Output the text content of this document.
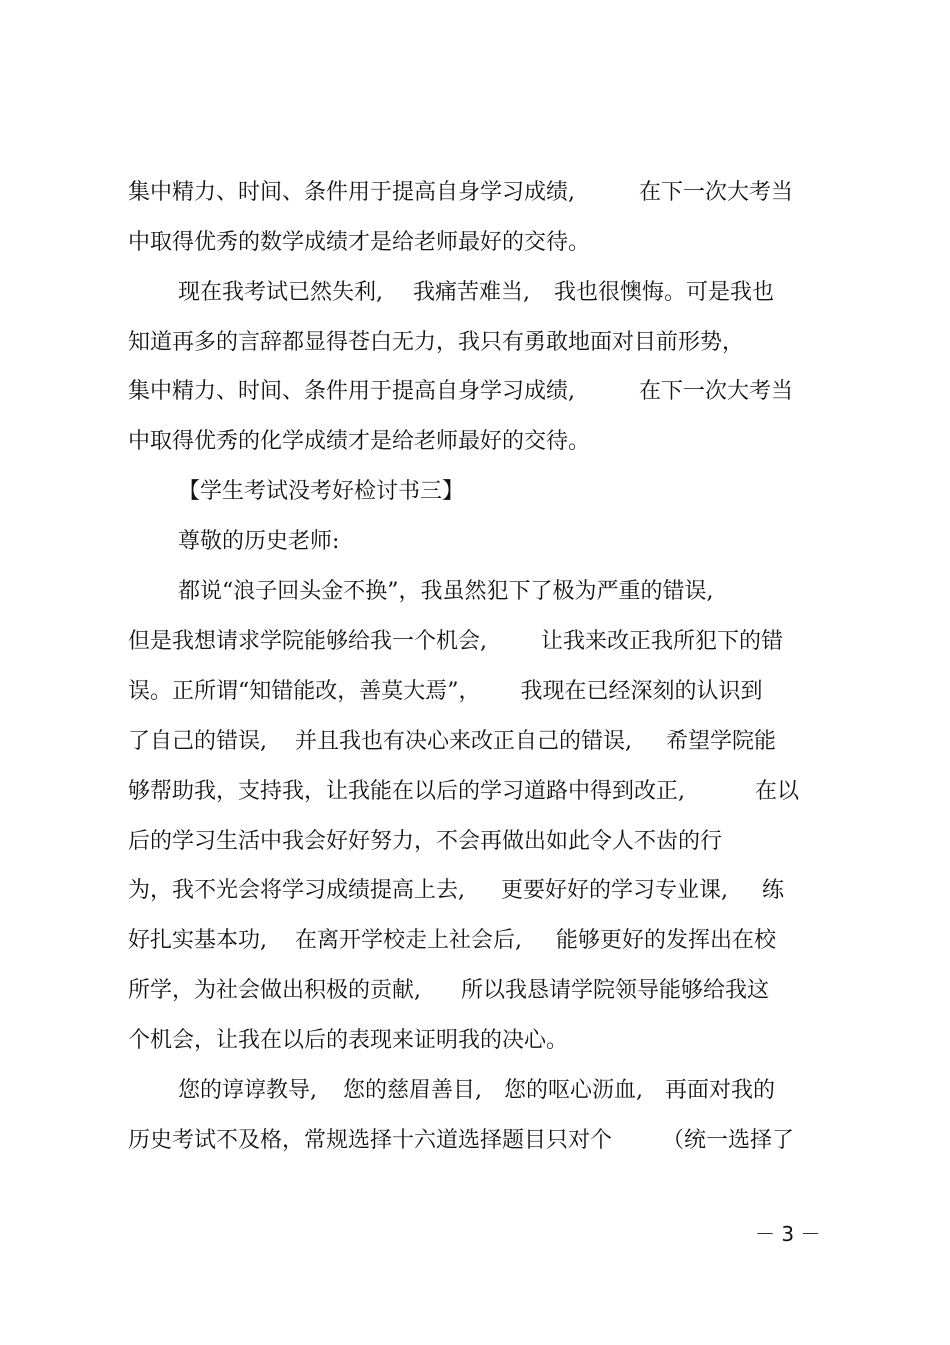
集中精力、时间、条件用于提高自身学习成绩,	在下一次大考当
中取得优秀的数学成绩才是给老师最好的交待。
现在我考试已然失利, 我痛苦难当, 我也很懊悔。可是我也
知道再多的言辞都显得苍白无力，我只有勇敢地面对目前形势，
集中精力、时间、条件用于提高自身学习成绩,	在下一次大考当
中取得优秀的化学成绩才是给老师最好的交待。
【学生考试没考好检讨书三】
尊敬的历史老师:
都说“浪子回头金不换”，我虽然犯下了极为严重的错误,
但是我想请求学院能够给我一个机会, 让我来改正我所犯下的错
误。正所谓“知错能改，善莫大焉”， 我现在已经深刻的认识到
了自己的错误, 并且我也有决心来改正自己的错误, 希望学院能
够帮助我，支持我，让我能在以后的学习道路中得到改正,	在以
后的学习生活中我会好好努力，不会再做出如此令人不齿的行
为，我不光会将学习成绩提高上去, 更要好好的学习专业课, 练
好扎实基本功, 在离开学校走上社会后, 能够更好的发挥出在校
所学，为社会做出积极的贡献, 所以我恳请学院领导能够给我这
个机会，让我在以后的表现来证明我的决心。
您的谆谆教导, 您的慈眉善目, 您的呕心沥血, 再面对我的
历史考试不及格，常规选择十六道选择题目只对个 （统一选择了
－ 3 －
